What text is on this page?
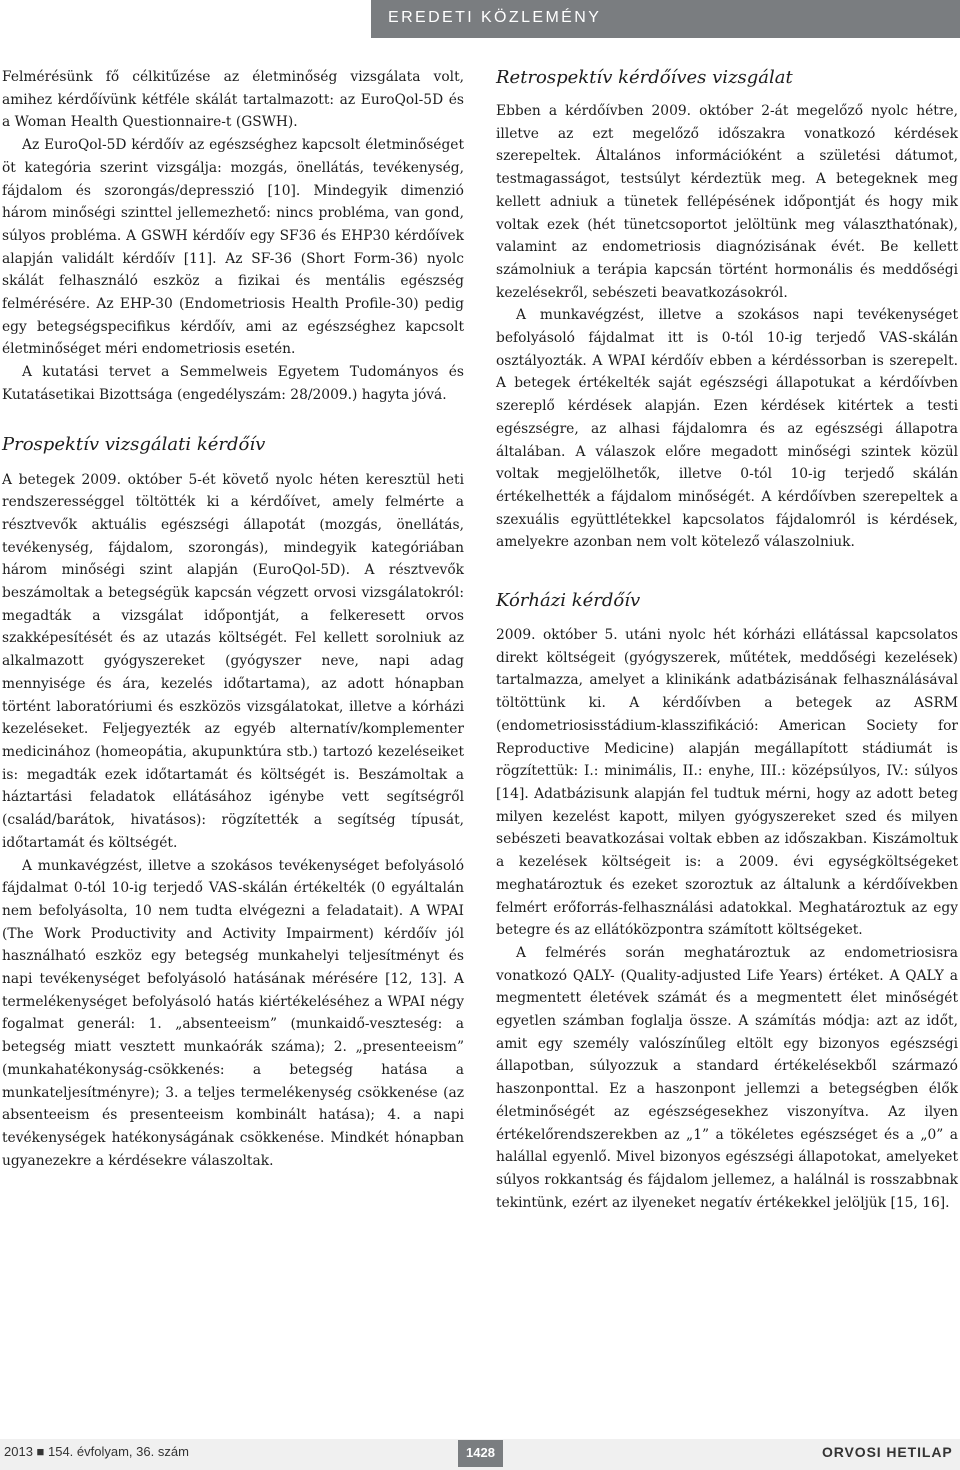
EREDETI KÖZLEMÉNY

Felmérésünk fő célkitűzése az életminőség vizsgálata volt, amihez kérdőívünk kétféle skálát tartalmazott: az EuroQol-5D és a Woman Health Questionnaire-t (GSWH).

Az EuroQol-5D kérdőív az egészséghez kapcsolt életminőséget öt kategória szerint vizsgálja: mozgás, önellátás, tevékenység, fájdalom és szorongás/depresszió [10]. Mindegyik dimenzió három minőségi szinttel jellemezhető: nincs probléma, van gond, súlyos probléma. A GSWH kérdőív egy SF36 és EHP30 kérdőívek alapján validált kérdőív [11]. Az SF-36 (Short Form-36) nyolc skálát felhasználó eszköz a fizikai és mentális egészség felmérésére. Az EHP-30 (Endometriosis Health Profile-30) pedig egy betegségspecifikus kérdőív, ami az egészséghez kapcsolt életminőséget méri endometriosis esetén.

A kutatási tervet a Semmelweis Egyetem Tudományos és Kutatásetikai Bizottsága (engedélyszám: 28/2009.) hagyta jóvá.

Prospektív vizsgálati kérdőív

A betegek 2009. október 5-ét követő nyolc héten keresztül heti rendszerességgel töltötték ki a kérdőívet, amely felmérte a résztvevők aktuális egészségi állapotát (mozgás, önellátás, tevékenység, fájdalom, szorongás), mindegyik kategóriában három minőségi szint alapján (EuroQol-5D). A résztvevők beszámoltak a betegségük kapcsán végzett orvosi vizsgálatokról: megadták a vizsgálat időpontját, a felkeresett orvos szakképesítését és az utazás költségét. Fel kellett sorolniuk az alkalmazott gyógyszereket (gyógyszer neve, napi adag mennyisége és ára, kezelés időtartama), az adott hónapban történt laboratóriumi és eszközös vizsgálatokat, illetve a kórházi kezeléseket. Feljegyezték az egyéb alternatív/komplementer medicinához (homeopátia, akupunktúra stb.) tartozó kezeléseiket is: megadták ezek időtartamát és költségét is. Beszámoltak a háztartási feladatok ellátásához igénybe vett segítségről (család/barátok, hivatásos): rögzítették a segítség típusát, időtartamát és költségét.

A munkavégzést, illetve a szokásos tevékenységet befolyásoló fájdalmat 0-tól 10-ig terjedő VAS-skálán értékelték (0 egyáltalán nem befolyásolta, 10 nem tudta elvégezni a feladatait). A WPAI (The Work Productivity and Activity Impairment) kérdőív jól használható eszköz egy betegség munkahelyi teljesítményt és napi tevékenységet befolyásoló hatásának mérésére [12, 13]. A termelékenységet befolyásoló hatás kiértékeléséhez a WPAI négy fogalmat generál: 1. „absenteeism” (munkaidő-veszteség: a betegség miatt vesztett munkaórák száma); 2. „presenteeism” (munkahatékonyság-csökkenés: a betegség hatása a munkateljesítményre); 3. a teljes termelékenység csökkenése (az absenteeism és presenteeism kombinált hatása); 4. a napi tevékenységek hatékonyságának csökkenése. Mindkét hónapban ugyanezekre a kérdésekre válaszoltak.

Retrospektív kérdőíves vizsgálat

Ebben a kérdőívben 2009. október 2-át megelőző nyolc hétre, illetve az ezt megelőző időszakra vonatkozó kérdések szerepeltek. Általános információként a születési dátumot, testmagasságot, testsúlyt kérdeztük meg. A betegeknek meg kellett adniuk a tünetek fellépésének időpontját és hogy mik voltak ezek (hét tünetcsoportot jelöltünk meg választhatónak), valamint az endometriosis diagnózisának évét. Be kellett számolniuk a terápia kapcsán történt hormonális és meddőségi kezelésekről, sebészeti beavatkozásokról.

A munkavégzést, illetve a szokásos napi tevékenységet befolyásoló fájdalmat itt is 0-tól 10-ig terjedő VAS-skálán osztályozták. A WPAI kérdőív ebben a kérdéssorban is szerepelt. A betegek értékelték saját egészségi állapotukat a kérdőívben szereplő kérdések alapján. Ezen kérdések kitértek a testi egészségre, az alhasi fájdalomra és az egészségi állapotra általában. A válaszok előre megadott minőségi szintek közül voltak megjelölhetők, illetve 0-tól 10-ig terjedő skálán értékelhették a fájdalom minőségét. A kérdőívben szerepeltek a szexuális együttlétekkel kapcsolatos fájdalomról is kérdések, amelyekre azonban nem volt kötelező válaszolniuk.

Kórházi kérdőív

2009. október 5. utáni nyolc hét kórházi ellátással kapcsolatos direkt költségeit (gyógyszerek, műtétek, meddőségi kezelések) tartalmazza, amelyet a klinikánk adatbázisának felhasználásával töltöttünk ki. A kérdőívben a betegek az ASRM (endometriosisstádium-klasszifikáció: American Society for Reproductive Medicine) alapján megállapított stádiumát is rögzítettük: I.: minimális, II.: enyhe, III.: középsúlyos, IV.: súlyos [14]. Adatbázisunk alapján fel tudtuk mérni, hogy az adott beteg milyen kezelést kapott, milyen gyógyszereket szed és milyen sebészeti beavatkozásai voltak ebben az időszakban. Kiszámoltuk a kezelések költségeit is: a 2009. évi egységköltségeket meghatároztuk és ezeket szoroztuk az általunk a kérdőívekben felmért erőforrás-felhasználási adatokkal. Meghatároztuk az egy betegre és az ellátóközpontra számított költségeket.

A felmérés során meghatároztuk az endometriosisra vonatkozó QALY- (Quality-adjusted Life Years) értéket. A QALY a megmentett életévek számát és a megmentett élet minőségét egyetlen számban foglalja össze. A számítás módja: azt az időt, amit egy személy valószínűleg eltölt egy bizonyos egészségi állapotban, súlyozzuk a standard értékelésekből származó haszonponttal. Ez a haszonpont jellemzi a betegségben élők életminőségét az egészségesekhez viszonyítva. Az ilyen értékelőrendszerekben az „1” a tökéletes egészséget és a „0” a halállal egyenlő. Mivel bizonyos egészségi állapotokat, amelyeket súlyos rokkantság és fájdalom jellemez, a halálnál is rosszabbnak tekintünk, ezért az ilyeneket negatív értékekkel jelöljük [15, 16].

2013 ■ 154. évfolyam, 36. szám	1428	ORVOSI HETILAP
